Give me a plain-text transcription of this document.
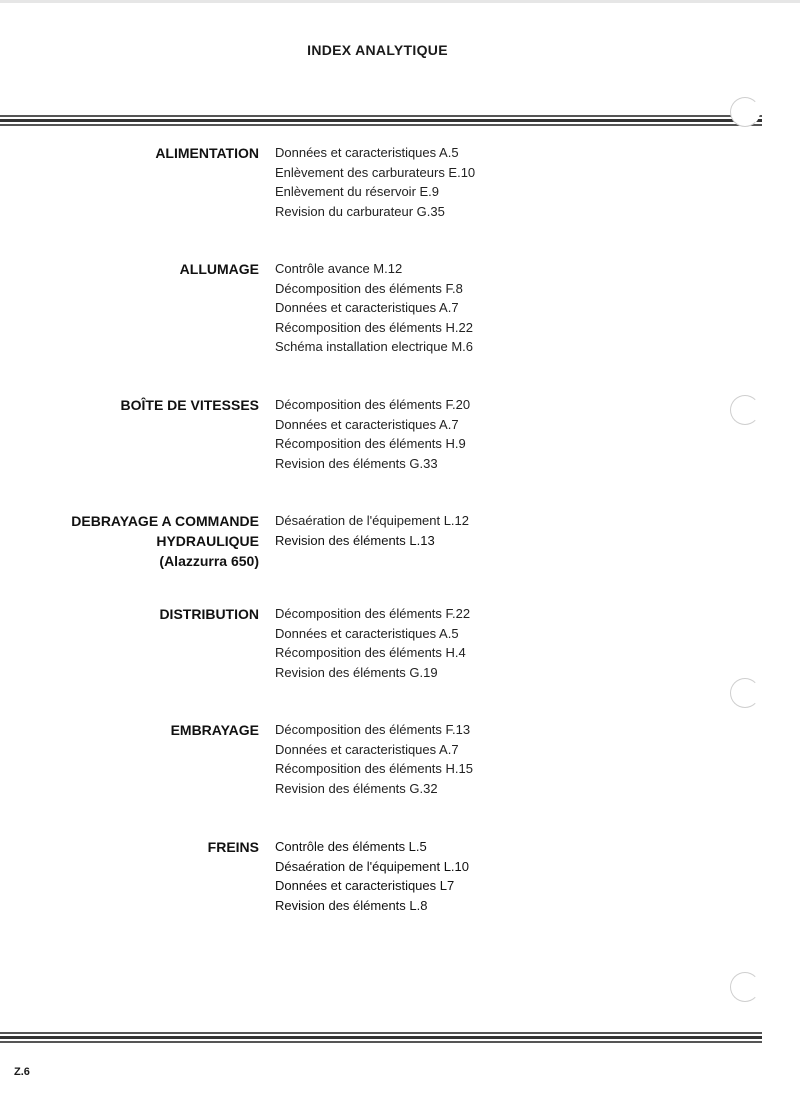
INDEX ANALYTIQUE
ALIMENTATION Données et caracteristiques A.5
Enlèvement des carburateurs E.10
Enlèvement du réservoir E.9
Revision du carburateur G.35
ALLUMAGE Contrôle avance M.12
Décomposition des éléments F.8
Données et caracteristiques A.7
Récomposition des éléments H.22
Schéma installation electrique M.6
BOÎTE DE VITESSES Décomposition des éléments F.20
Données et caracteristiques A.7
Récomposition des éléments H.9
Revision des éléments G.33
DEBRAYAGE A COMMANDE
HYDRAULIQUE
(Alazzurra 650)
Désaération de l'équipement L.12
Revision des éléments L.13
DISTRIBUTION Décomposition des éléments F.22
Données et caracteristiques A.5
Récomposition des éléments H.4
Revision des éléments G.19
EMBRAYAGE Décomposition des éléments F.13
Données et caracteristiques A.7
Récomposition des éléments H.15
Revision des éléments G.32
FREINS Contrôle des éléments L.5
Désaération de l'équipement L.10
Données et caracteristiques L7
Revision des éléments L.8
Z.6
